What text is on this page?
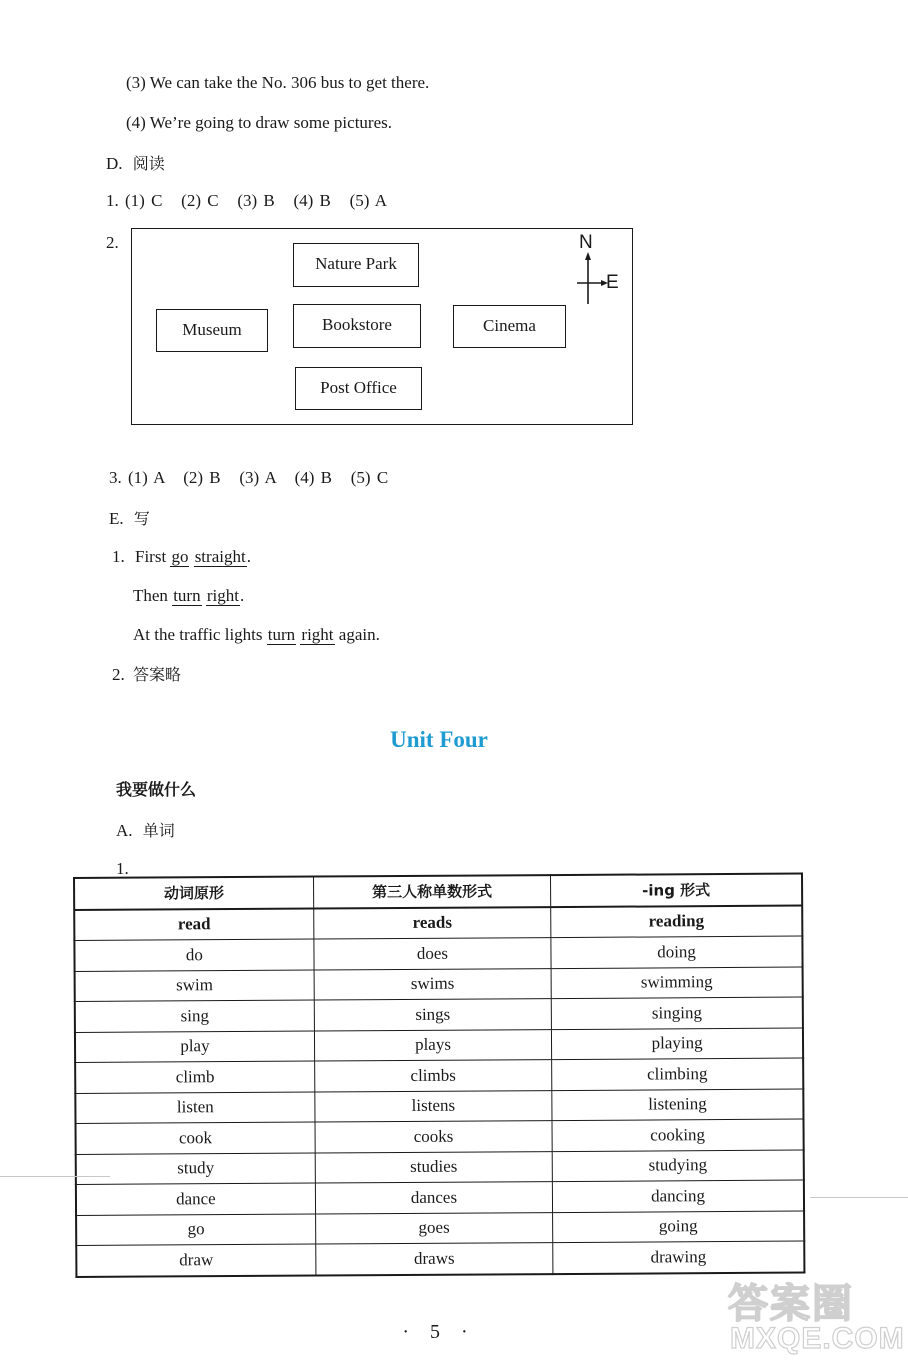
(3) We can take the No. 306 bus to get there.
(4) We’re going to draw some pictures.
D. 阅读
1. (1) C   (2) C   (3) B   (4) B   (5) A
2.
Nature Park
Museum	Bookstore	Cinema
Post Office
N
E
3. (1) A   (2) B   (3) A   (4) B   (5) C
E. 写
1. First go straight.
Then turn right.
At the traffic lights turn right again.
2. 答案略
Unit Four
我要做什么
A. 单词
1.
动词原形	第三人称单数形式	-ing 形式
read	reads	reading
do	does	doing
swim	swims	swimming
sing	sings	singing
play	plays	playing
climb	climbs	climbing
listen	listens	listening
cook	cooks	cooking
study	studies	studying
dance	dances	dancing
go	goes	going
draw	draws	drawing
· 5 ·
答案圈
MXQE.COM
